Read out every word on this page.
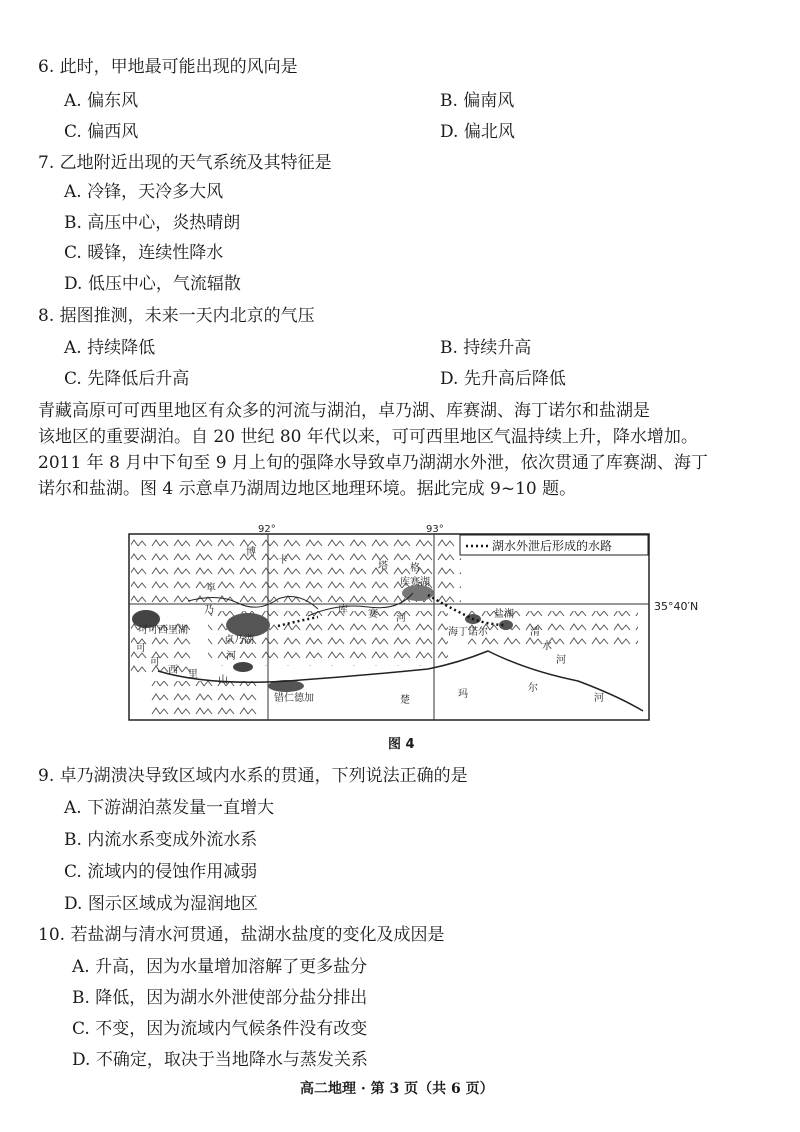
6. 此时，甲地最可能出现的风向是
A. 偏东风	B. 偏南风
C. 偏西风	D. 偏北风
7. 乙地附近出现的天气系统及其特征是
A. 冷锋，天冷多大风
B. 高压中心，炎热晴朗
C. 暖锋，连续性降水
D. 低压中心，气流辐散
8. 据图推测，未来一天内北京的气压
A. 持续降低	B. 持续升高
C. 先降低后升高	D. 先升高后降低

青藏高原可可西里地区有众多的河流与湖泊，卓乃湖、库赛湖、海丁诺尔和盐湖是

该地区的重要湖泊。自 20 世纪 80 年代以来，可可西里地区气温持续上升，降水增加。

2011 年 8 月中下旬至 9 月上旬的强降水导致卓乃湖湖水外泄，依次贯通了库赛湖、海丁

诺尔和盐湖。图 4 示意卓乃湖周边地区地理环境。据此完成 9~10 题。

92°	93°
湖水外泄后形成的水路
可可西里湖
卓乃湖
库赛湖
海丁诺尔
盐湖
库 赛 河
清
水
河
楚
玛
尔
河
卓
乃
河
可
可
西 里
山
错仁德加
博
卡
塔 格
35°40′N
图 4
9. 卓乃湖溃决导致区域内水系的贯通，下列说法正确的是
A. 下游湖泊蒸发量一直增大
B. 内流水系变成外流水系
C. 流域内的侵蚀作用减弱
D. 图示区域成为湿润地区
10. 若盐湖与清水河贯通，盐湖水盐度的变化及成因是
A. 升高，因为水量增加溶解了更多盐分
B. 降低，因为湖水外泄使部分盐分排出
C. 不变，因为流域内气候条件没有改变
D. 不确定，取决于当地降水与蒸发关系
高二地理 · 第 3 页（共 6 页）
